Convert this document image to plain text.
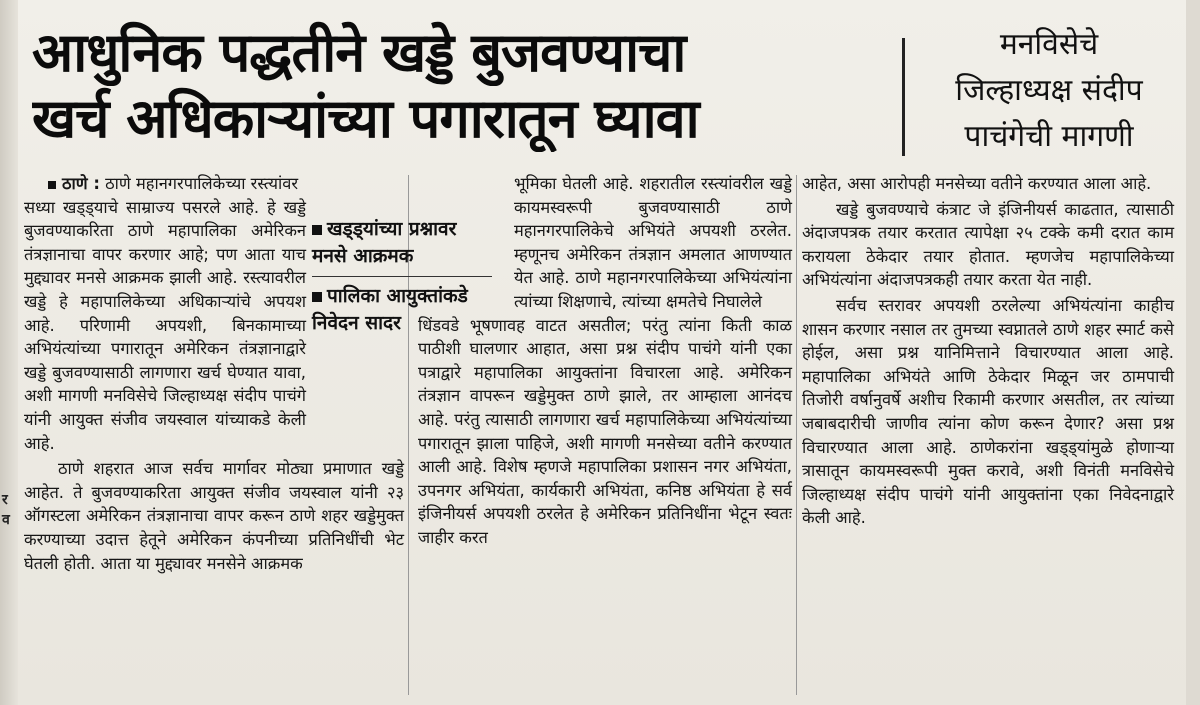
र
व
आधुनिक पद्धतीने खड्डे बुजवण्याचा
खर्च अधिकाऱ्यांच्या पगारातून घ्यावा
मनविसेचे
जिल्हाध्यक्ष संदीप
पाचंगेची मागणी

ठाणे : ठाणे महानगरपालिकेच्या रस्त्यांवर

सध्या खड्ड्याचे साम्राज्य पसरले आहे. हे खड्डे बुजवण्याकरिता ठाणे महापालिका अमेरिकन तंत्रज्ञानाचा वापर करणार आहे; पण आता याच मुद्द्यावर मनसे आक्रमक झाली आहे. रस्त्यावरील खड्डे हे महापालिकेच्या अधिकाऱ्यांचे अपयश आहे. परिणामी अपयशी, बिनकामाच्या अभियंत्यांच्या पगारातून अमेरिकन तंत्रज्ञानाद्वारे खड्डे बुजवण्यासाठी लागणारा खर्च घेण्यात यावा, अशी मागणी मनविसेचे जिल्हाध्यक्ष संदीप पाचंगे यांनी आयुक्त संजीव जयस्वाल यांच्याकडे केली आहे.

ठाणे शहरात आज सर्वच मार्गावर मोठ्या प्रमाणात खड्डे आहेत. ते बुजवण्याकरिता आयुक्त संजीव जयस्वाल यांनी २३ ऑगस्टला अमेरिकन तंत्रज्ञानाचा वापर करून ठाणे शहर खड्डेमुक्त करण्याच्या उदात्त हेतूने अमेरिकन कंपनीच्या प्रतिनिधींची भेट घेतली होती. आता या मुद्द्यावर मनसेने आक्रमक

खड्ड्यांच्या प्रश्नावर
मनसे आक्रमक
पालिका आयुक्तांकडे
निवेदन सादर

भूमिका घेतली आहे. शहरातील रस्त्यांवरील खड्डे कायमस्वरूपी बुजवण्यासाठी ठाणे महानगरपालिकेचे अभियंते अपयशी ठरलेत. म्हणूनच अमेरिकन तंत्रज्ञान अमलात आणण्यात येत आहे. ठाणे महानगरपालिकेच्या अभियंत्यांना त्यांच्या शिक्षणाचे, त्यांच्या क्षमतेचे निघालेले

धिंडवडे भूषणावह वाटत असतील; परंतु त्यांना किती काळ पाठीशी घालणार आहात, असा प्रश्न संदीप पाचंगे यांनी एका पत्राद्वारे महापालिका आयुक्तांना विचारला आहे. अमेरिकन तंत्रज्ञान वापरून खड्डेमुक्त ठाणे झाले, तर आम्हाला आनंदच आहे. परंतु त्यासाठी लागणारा खर्च महापालिकेच्या अभियंत्यांच्या पगारातून झाला पाहिजे, अशी मागणी मनसेच्या वतीने करण्यात आली आहे. विशेष म्हणजे महापालिका प्रशासन नगर अभियंता, उपनगर अभियंता, कार्यकारी अभियंता, कनिष्ठ अभियंता हे सर्व इंजिनीयर्स अपयशी ठरलेत हे अमेरिकन प्रतिनिधींना भेटून स्वतः जाहीर करत

आहेत, असा आरोपही मनसेच्या वतीने करण्यात आला आहे.

खड्डे बुजवण्याचे कंत्राट जे इंजिनीयर्स काढतात, त्यासाठी अंदाजपत्रक तयार करतात त्यापेक्षा २५ टक्के कमी दरात काम करायला ठेकेदार तयार होतात. म्हणजेच महापालिकेच्या अभियंत्यांना अंदाजपत्रकही तयार करता येत नाही.

सर्वच स्तरावर अपयशी ठरलेल्या अभियंत्यांना काहीच शासन करणार नसाल तर तुमच्या स्वप्नातले ठाणे शहर स्मार्ट कसे होईल, असा प्रश्न यानिमित्ताने विचारण्यात आला आहे. महापालिका अभियंते आणि ठेकेदार मिळून जर ठामपाची तिजोरी वर्षानुवर्षे अशीच रिकामी करणार असतील, तर त्यांच्या जबाबदारीची जाणीव त्यांना कोण करून देणार? असा प्रश्न विचारण्यात आला आहे. ठाणेकरांना खड्ड्यांमुळे होणाऱ्या त्रासातून कायमस्वरूपी मुक्त करावे, अशी विनंती मनविसेचे जिल्हाध्यक्ष संदीप पाचंगे यांनी आयुक्तांना एका निवेदनाद्वारे केली आहे.
